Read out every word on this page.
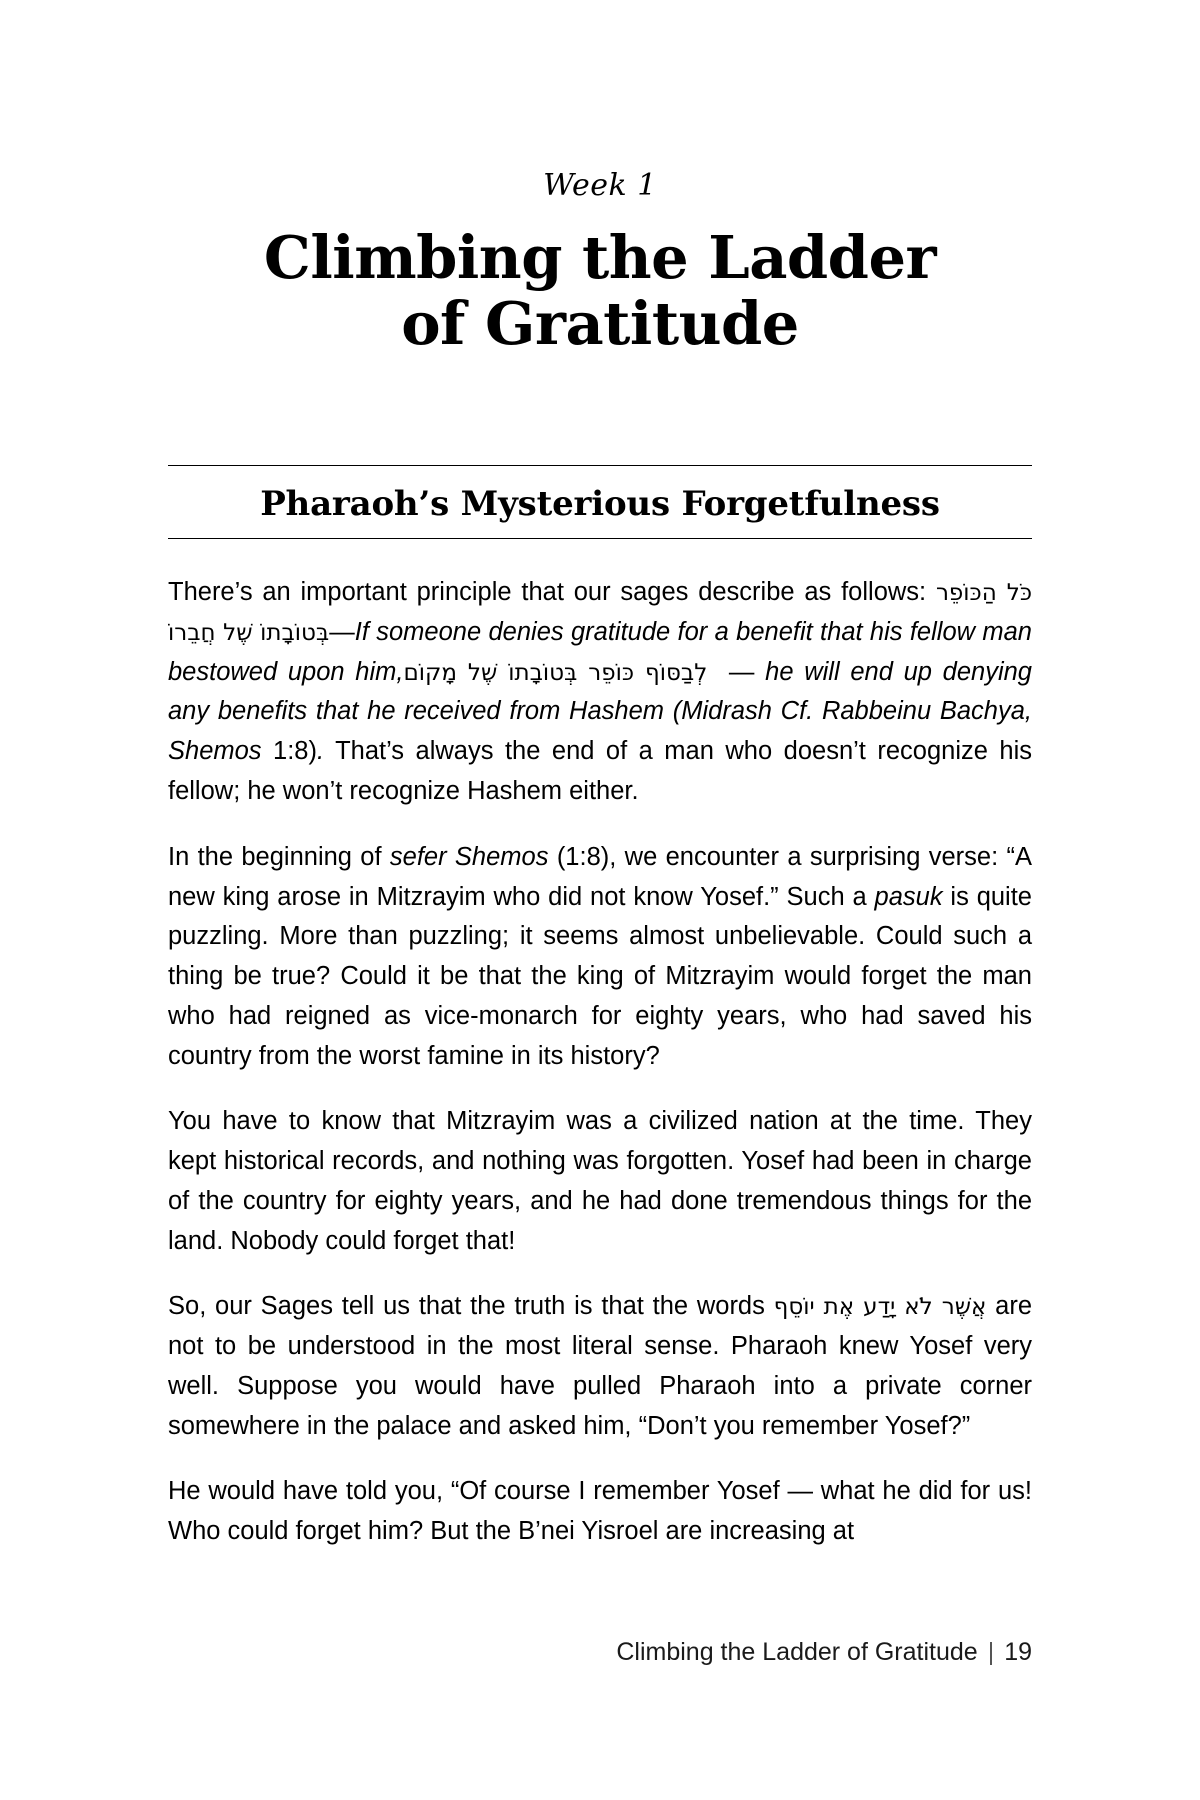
Week 1
Climbing the Ladder
of Gratitude
Pharaoh’s Mysterious Forgetfulness

There’s an important principle that our sages describe as follows: כֹּל הַכּוֹפֵר בְּטוֹבָתוֹ שֶׁל חֲבֵרוֹ—If someone denies gratitude for a benefit that his fellow man bestowed upon him, לְבַסּוֹף כּוֹפֵר בְּטוֹבָתוֹ שֶׁל מָקוֹם — he will end up denying any benefits that he received from Hashem (Midrash Cf. Rabbeinu Bachya, Shemos 1:8). That’s always the end of a man who doesn’t recognize his fellow; he won’t recognize Hashem either.

In the beginning of sefer Shemos (1:8), we encounter a surprising verse: “A new king arose in Mitzrayim who did not know Yosef.” Such a pasuk is quite puzzling. More than puzzling; it seems almost unbelievable. Could such a thing be true? Could it be that the king of Mitzrayim would forget the man who had reigned as vice-monarch for eighty years, who had saved his country from the worst famine in its history?

You have to know that Mitzrayim was a civilized nation at the time. They kept historical records, and nothing was forgotten. Yosef had been in charge of the country for eighty years, and he had done tremendous things for the land. Nobody could forget that!

So, our Sages tell us that the truth is that the words אֲשֶׁר לֹא יָדַע אֶת יוֹסֵף are not to be understood in the most literal sense. Pharaoh knew Yosef very well. Suppose you would have pulled Pharaoh into a private corner somewhere in the palace and asked him, “Don’t you remember Yosef?”

He would have told you, “Of course I remember Yosef — what he did for us! Who could forget him? But the B’nei Yisroel are increasing at

Climbing the Ladder of Gratitude | 19
